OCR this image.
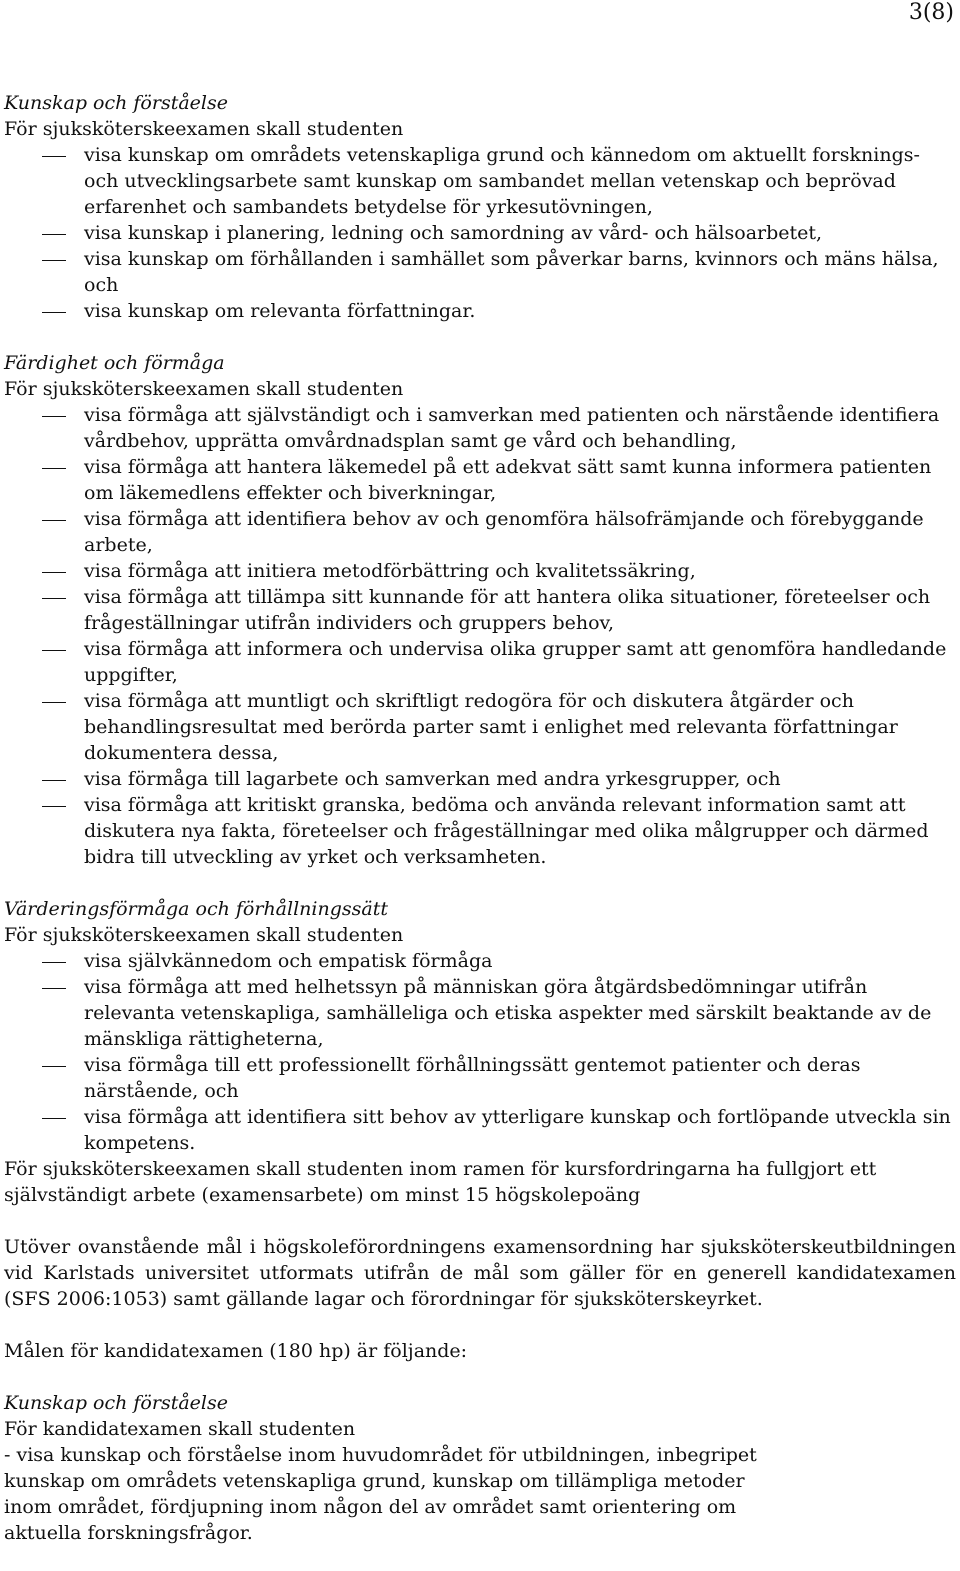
3(8)
Kunskap och förståelse
För sjuksköterskeexamen skall studenten
visa kunskap om områdets vetenskapliga grund och kännedom om aktuellt forsknings- och utvecklingsarbete samt kunskap om sambandet mellan vetenskap och beprövad erfarenhet och sambandets betydelse för yrkesutövningen,
visa kunskap i planering, ledning och samordning av vård- och hälsoarbetet,
visa kunskap om förhållanden i samhället som påverkar barns, kvinnors och mäns hälsa, och
visa kunskap om relevanta författningar.
Färdighet och förmåga
För sjuksköterskeexamen skall studenten
visa förmåga att självständigt och i samverkan med patienten och närstående identifiera vårdbehov, upprätta omvårdnadsplan samt ge vård och behandling,
visa förmåga att hantera läkemedel på ett adekvat sätt samt kunna informera patienten om läkemedlens effekter och biverkningar,
visa förmåga att identifiera behov av och genomföra hälsofrämjande och förebyggande arbete,
visa förmåga att initiera metodförbättring och kvalitetssäkring,
visa förmåga att tillämpa sitt kunnande för att hantera olika situationer, företeelser och frågeställningar utifrån individers och gruppers behov,
visa förmåga att informera och undervisa olika grupper samt att genomföra handledande uppgifter,
visa förmåga att muntligt och skriftligt redogöra för och diskutera åtgärder och behandlingsresultat med berörda parter samt i enlighet med relevanta författningar dokumentera dessa,
visa förmåga till lagarbete och samverkan med andra yrkesgrupper, och
visa förmåga att kritiskt granska, bedöma och använda relevant information samt att diskutera nya fakta, företeelser och frågeställningar med olika målgrupper och därmed bidra till utveckling av yrket och verksamheten.
Värderingsförmåga och förhållningssätt
För sjuksköterskeexamen skall studenten
visa självkännedom och empatisk förmåga
visa förmåga att med helhetssyn på människan göra åtgärdsbedömningar utifrån relevanta vetenskapliga, samhälleliga och etiska aspekter med särskilt beaktande av de mänskliga rättigheterna,
visa förmåga till ett professionellt förhållningssätt gentemot patienter och deras närstående, och
visa förmåga att identifiera sitt behov av ytterligare kunskap och fortlöpande utveckla sin kompetens.
För sjuksköterskeexamen skall studenten inom ramen för kursfordringarna ha fullgjort ett självständigt arbete (examensarbete) om minst 15 högskolepoäng
Utöver ovanstående mål i högskoleförordningens examensordning har sjuksköterskeutbildningen vid Karlstads universitet utformats utifrån de mål som gäller för en generell kandidatexamen (SFS 2006:1053) samt gällande lagar och förordningar för sjuksköterskeyrket.
Målen för kandidatexamen (180 hp) är följande:
Kunskap och förståelse
För kandidatexamen skall studenten
- visa kunskap och förståelse inom huvudområdet för utbildningen, inbegripet
kunskap om områdets vetenskapliga grund, kunskap om tillämpliga metoder
inom området, fördjupning inom någon del av området samt orientering om
aktuella forskningsfrågor.
